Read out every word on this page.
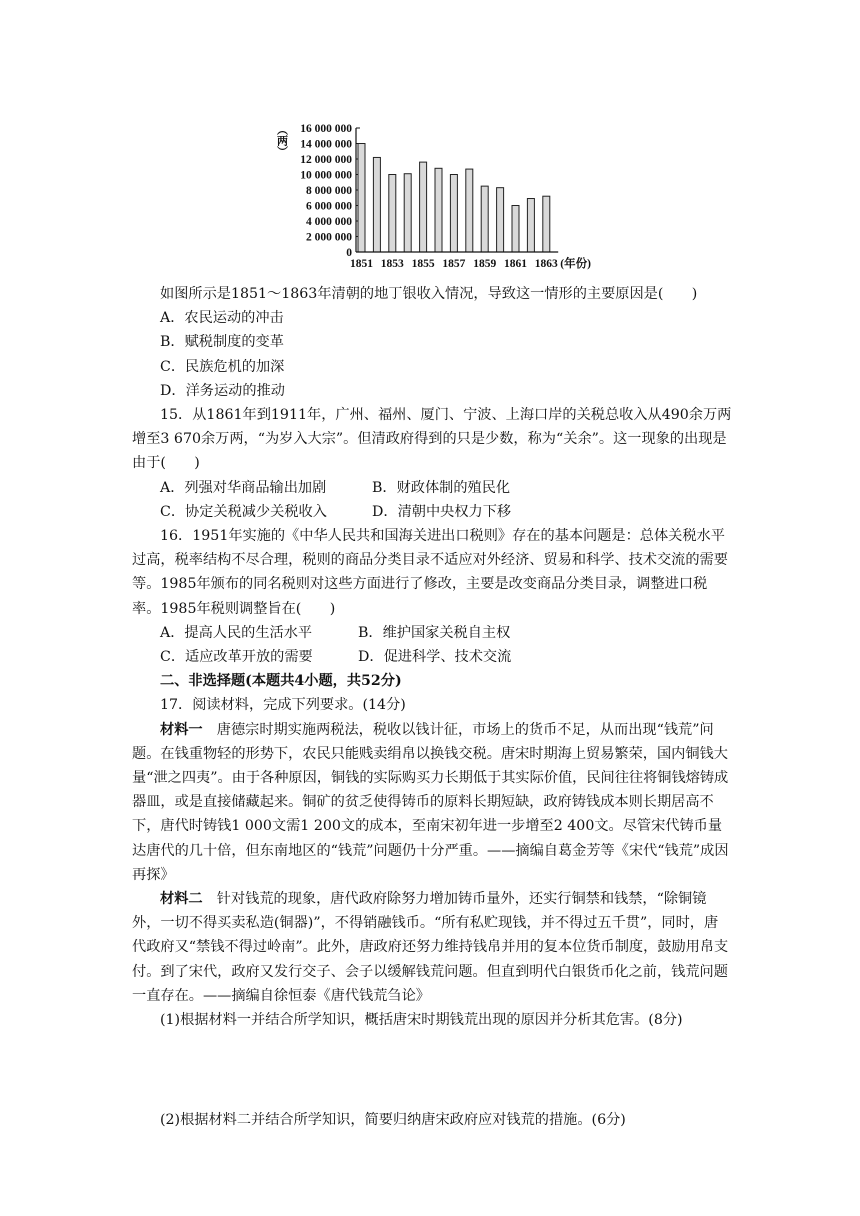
（两） 16 000 000
14 000 000
12 000 000
10 000 000
8 000 000
6 000 000
4 000 000
2 000 000
0
1851 1853 1855 1857 1859 1861 1863 (年份)

如图所示是1851～1863年清朝的地丁银收入情况，导致这一情形的主要原因是(　　)

A．农民运动的冲击

B．赋税制度的变革

C．民族危机的加深

D．洋务运动的推动

15．从1861年到1911年，广州、福州、厦门、宁波、上海口岸的关税总收入从490余万两增至3 670余万两，“为岁入大宗”。但清政府得到的只是少数，称为“关余”。这一现象的出现是由于(　　)

A．列强对华商品输出加剧	B．财政体制的殖民化

C．协定关税减少关税收入	D．清朝中央权力下移

16．1951年实施的《中华人民共和国海关进出口税则》存在的基本问题是：总体关税水平过高，税率结构不尽合理，税则的商品分类目录不适应对外经济、贸易和科学、技术交流的需要等。1985年颁布的同名税则对这些方面进行了修改，主要是改变商品分类目录，调整进口税率。1985年税则调整旨在(　　)

A．提高人民的生活水平	B．维护国家关税自主权

C．适应改革开放的需要	D．促进科学、技术交流

二、非选择题(本题共4小题，共52分)

17．阅读材料，完成下列要求。(14分)

材料一　唐德宗时期实施两税法，税收以钱计征，市场上的货币不足，从而出现“钱荒”问题。在钱重物轻的形势下，农民只能贱卖绢帛以换钱交税。唐宋时期海上贸易繁荣，国内铜钱大量“泄之四夷”。由于各种原因，铜钱的实际购买力长期低于其实际价值，民间往往将铜钱熔铸成器皿，或是直接储藏起来。铜矿的贫乏使得铸币的原料长期短缺，政府铸钱成本则长期居高不下，唐代时铸钱1 000文需1 200文的成本，至南宋初年进一步增至2 400文。尽管宋代铸币量达唐代的几十倍，但东南地区的“钱荒”问题仍十分严重。——摘编自葛金芳等《宋代“钱荒”成因再探》

材料二　针对钱荒的现象，唐代政府除努力增加铸币量外，还实行铜禁和钱禁，“除铜镜外，一切不得买卖私造(铜器)”，不得销融钱币。“所有私贮现钱，并不得过五千贯”，同时，唐代政府又“禁钱不得过岭南”。此外，唐政府还努力维持钱帛并用的复本位货币制度，鼓励用帛支付。到了宋代，政府又发行交子、会子以缓解钱荒问题。但直到明代白银货币化之前，钱荒问题一直存在。——摘编自徐恒泰《唐代钱荒刍论》

(1)根据材料一并结合所学知识，概括唐宋时期钱荒出现的原因并分析其危害。(8分)

(2)根据材料二并结合所学知识，简要归纳唐宋政府应对钱荒的措施。(6分)
